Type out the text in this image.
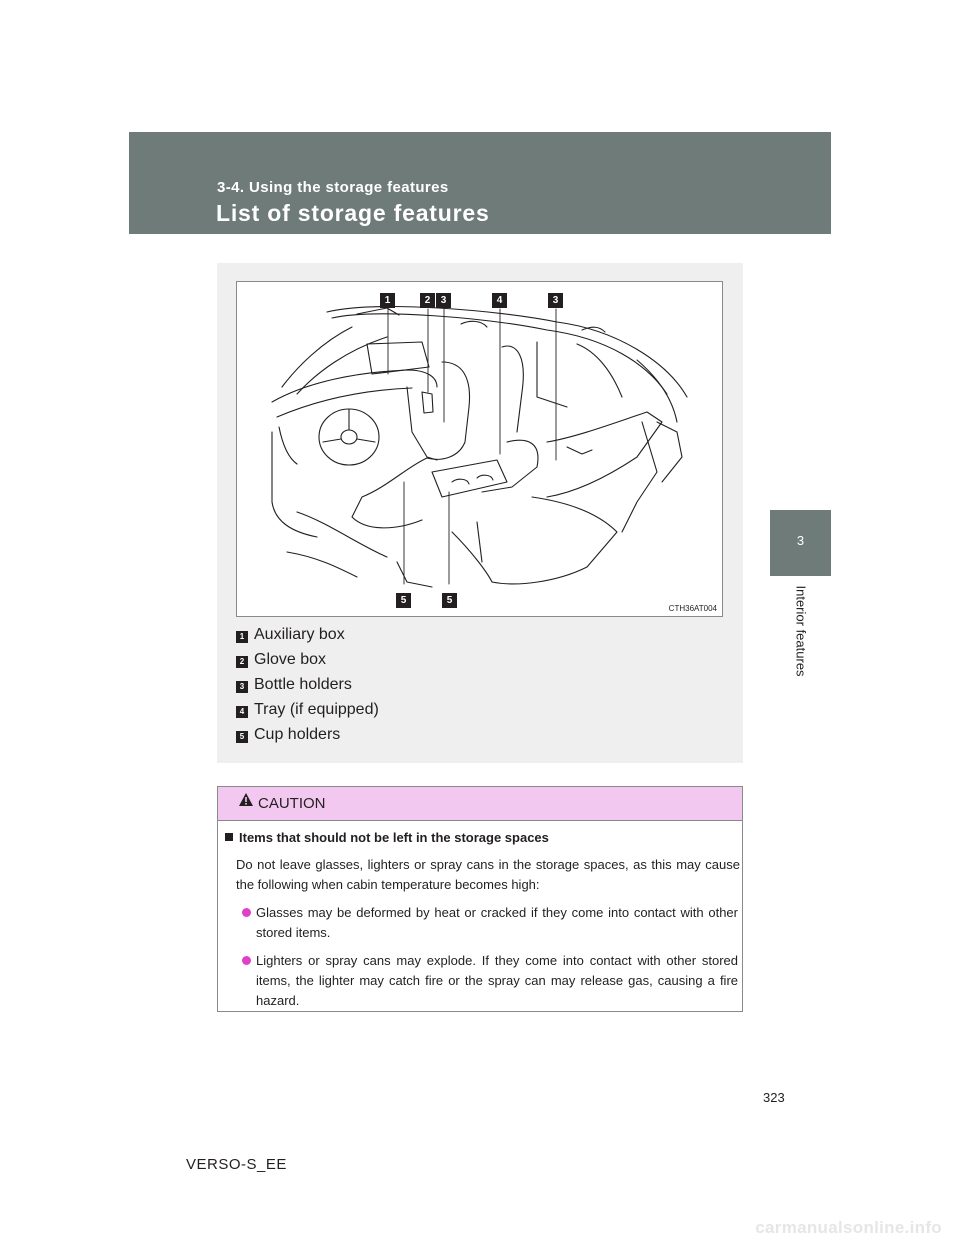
3-4. Using the storage features
List of storage features
3
Interior features
1	2	3	4	3
5	5
CTH36AT004
1 Auxiliary box
2 Glove box
3 Bottle holders
4 Tray (if equipped)
5 Cup holders
CAUTION
Items that should not be left in the storage spaces
Do not leave glasses, lighters or spray cans in the storage spaces, as this may cause the following when cabin temperature becomes high:
Glasses may be deformed by heat or cracked if they come into contact with other stored items.
Lighters or spray cans may explode. If they come into contact with other stored items, the lighter may catch fire or the spray can may release gas, causing a fire hazard.
323
VERSO-S_EE
carmanualsonline.info
